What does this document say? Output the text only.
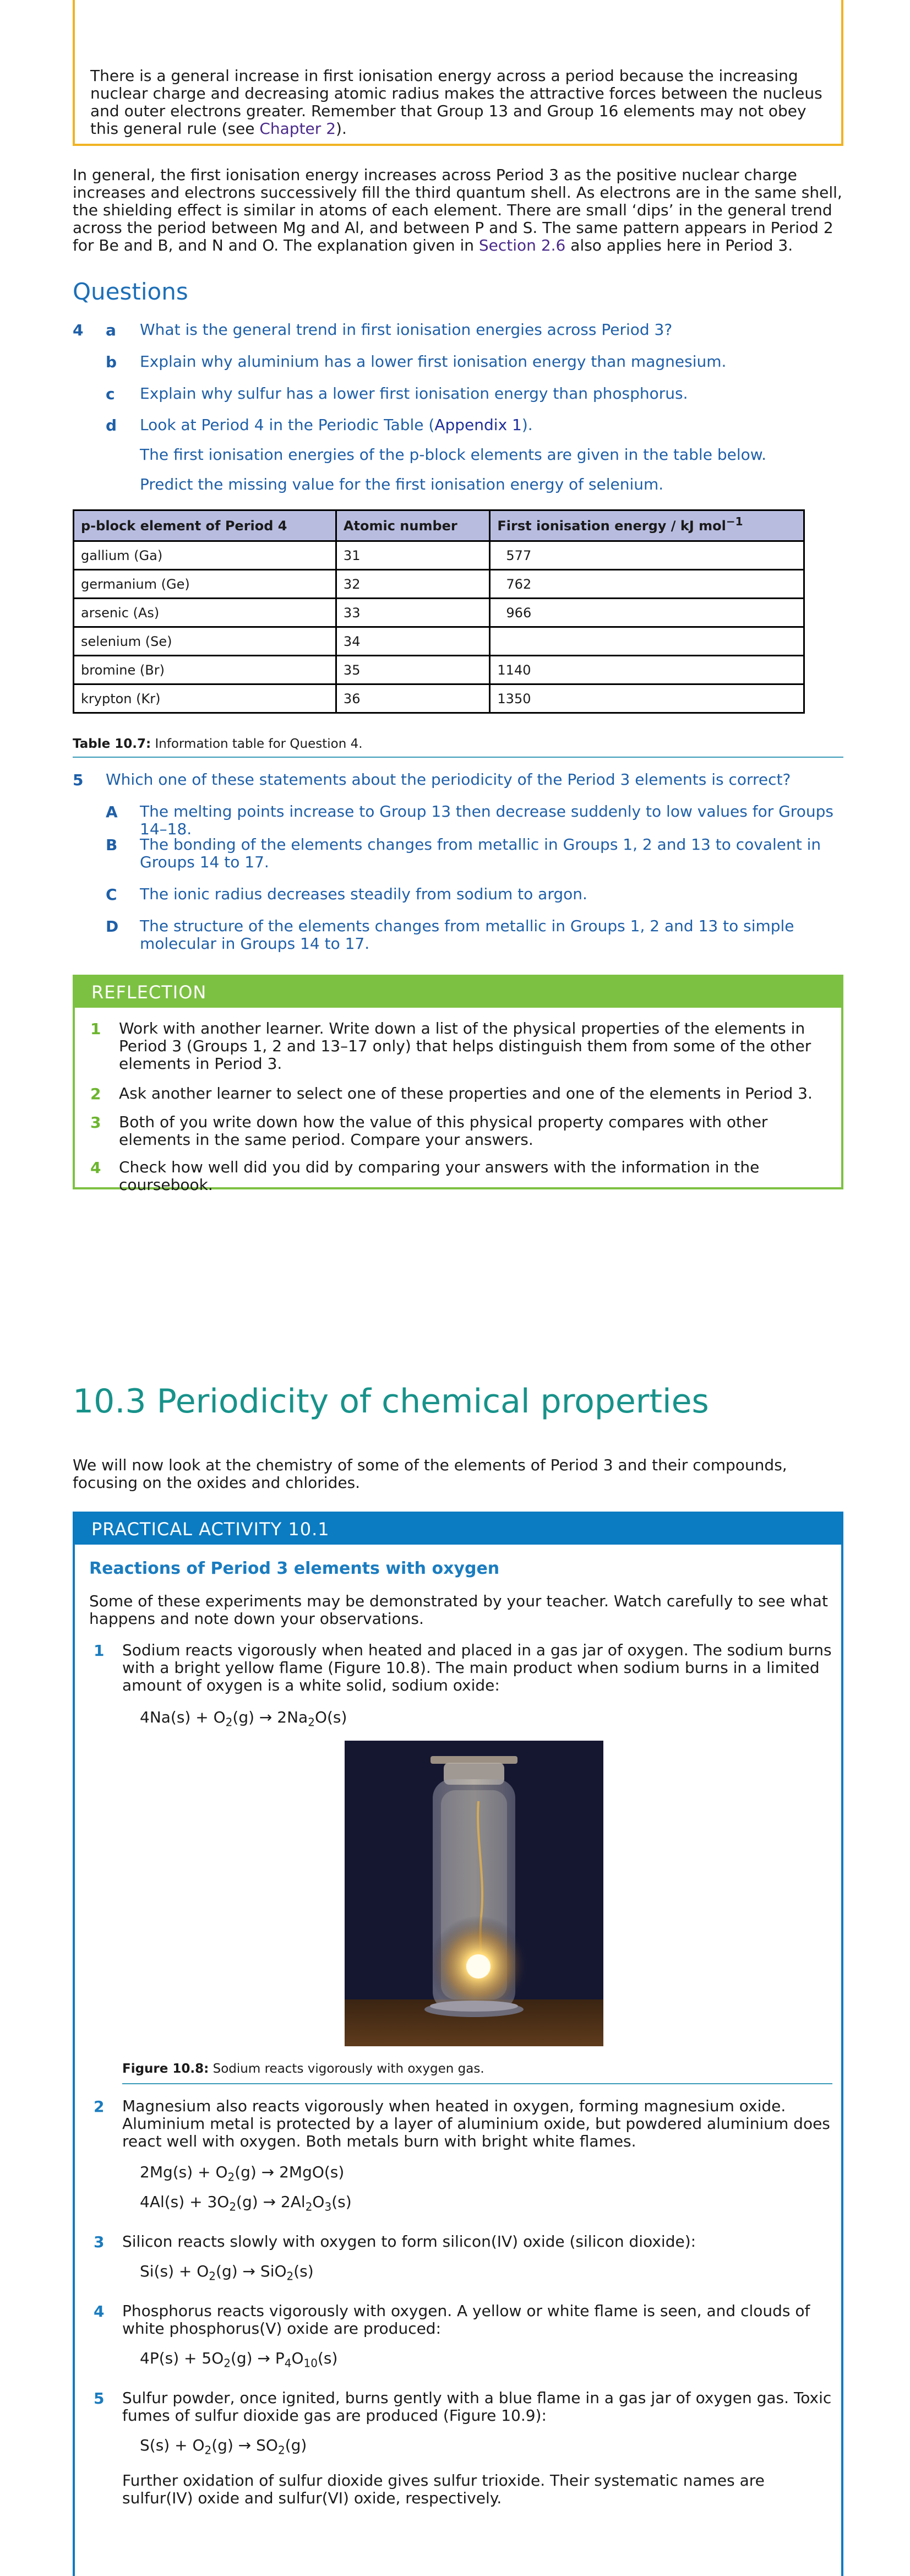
There is a general increase in first ionisation energy across a period because the increasing nuclear charge and decreasing atomic radius makes the attractive forces between the nucleus and outer electrons greater. Remember that Group 13 and Group 16 elements may not obey this general rule (see Chapter 2).

In general, the first ionisation energy increases across Period 3 as the positive nuclear charge increases and electrons successively fill the third quantum shell. As electrons are in the same shell, the shielding effect is similar in atoms of each element. There are small ‘dips’ in the general trend across the period between Mg and Al, and between P and S. The same pattern appears in Period 2 for Be and B, and N and O. The explanation given in Section 2.6 also applies here in Period 3.

Questions
4 a What is the general trend in first ionisation energies across Period 3?
b Explain why aluminium has a lower first ionisation energy than magnesium.
c Explain why sulfur has a lower first ionisation energy than phosphorus.
d Look at Period 4 in the Periodic Table (Appendix 1).
The first ionisation energies of the p-block elements are given in the table below.
Predict the missing value for the first ionisation energy of selenium.
p-block element of Period 4	Atomic number	First ionisation energy / kJ mol$^{-1}$
gallium (Ga)	31	577
germanium (Ge)	32	762
arsenic (As)	33	966
selenium (Se)	34	
bromine (Br)	35	1140
krypton (Kr)	36	1350
Table 10.7: Information table for Question 4.
5 Which one of these statements about the periodicity of the Period 3 elements is correct?
A The melting points increase to Group 13 then decrease suddenly to low values for Groups 14–18.
B The bonding of the elements changes from metallic in Groups 1, 2 and 13 to covalent in Groups 14 to 17.
C The ionic radius decreases steadily from sodium to argon.
D The structure of the elements changes from metallic in Groups 1, 2 and 13 to simple molecular in Groups 14 to 17.
REFLECTION
1 Work with another learner. Write down a list of the physical properties of the elements in Period 3 (Groups 1, 2 and 13–17 only) that helps distinguish them from some of the other elements in Period 3.
2 Ask another learner to select one of these properties and one of the elements in Period 3.
3 Both of you write down how the value of this physical property compares with other elements in the same period. Compare your answers.
4 Check how well did you did by comparing your answers with the information in the coursebook.
10.3 Periodicity of chemical properties

We will now look at the chemistry of some of the elements of Period 3 and their compounds, focusing on the oxides and chlorides.

PRACTICAL ACTIVITY 10.1
Reactions of Period 3 elements with oxygen

Some of these experiments may be demonstrated by your teacher. Watch carefully to see what happens and note down your observations.

1 Sodium reacts vigorously when heated and placed in a gas jar of oxygen. The sodium burns with a bright yellow flame (Figure 10.8). The main product when sodium burns in a limited amount of oxygen is a white solid, sodium oxide:
$4Na(s) + O_2(g) \to 2Na_2O(s)$
Figure 10.8: Sodium reacts vigorously with oxygen gas.
2 Magnesium also reacts vigorously when heated in oxygen, forming magnesium oxide. Aluminium metal is protected by a layer of aluminium oxide, but powdered aluminium does react well with oxygen. Both metals burn with bright white flames.
$2Mg(s) + O_2(g) \to 2MgO(s)$
$4Al(s) + 3O_2(g) \to 2Al_2O_3(s)$
3 Silicon reacts slowly with oxygen to form silicon(IV) oxide (silicon dioxide):
$Si(s) + O_2(g) \to SiO_2(s)$
4 Phosphorus reacts vigorously with oxygen. A yellow or white flame is seen, and clouds of white phosphorus(V) oxide are produced:
$4P(s) + 5O_2(g) \to P_4O_{10}(s)$
5 Sulfur powder, once ignited, burns gently with a blue flame in a gas jar of oxygen gas. Toxic fumes of sulfur dioxide gas are produced (Figure 10.9):
$S(s) + O_2(g) \to SO_2(g)$
Further oxidation of sulfur dioxide gives sulfur trioxide. Their systematic names are sulfur(IV) oxide and sulfur(VI) oxide, respectively.
